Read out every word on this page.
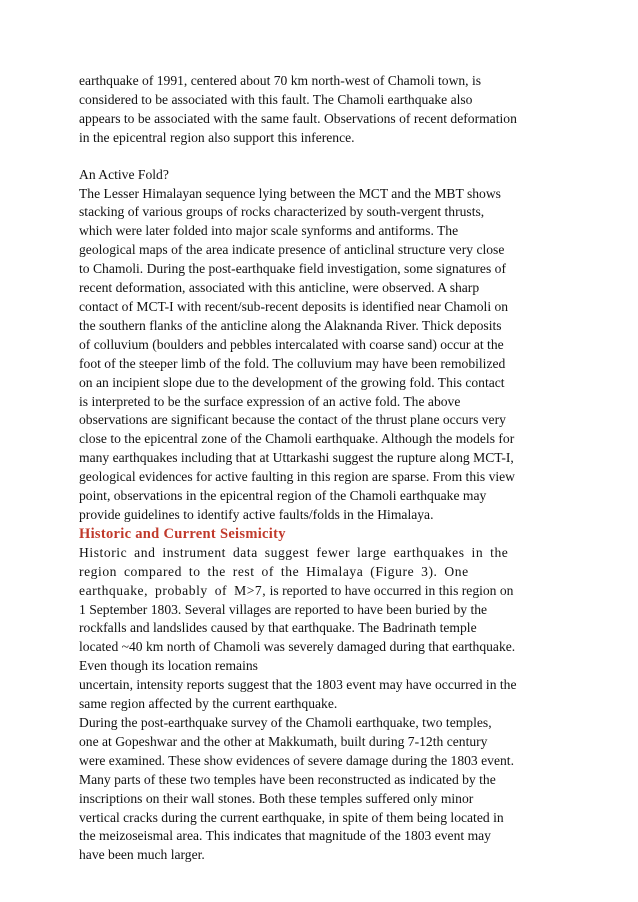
earthquake of 1991, centered about 70 km north-west of Chamoli town, is
considered to be associated with this fault. The Chamoli earthquake also
appears to be associated with the same fault. Observations of recent deformation
in the epicentral region also support this inference.

An Active Fold?
The Lesser Himalayan sequence lying between the MCT and the MBT shows
stacking of various groups of rocks characterized by south-vergent thrusts,
which were later folded into major scale synforms and antiforms. The
geological maps of the area indicate presence of anticlinal structure very close
to Chamoli. During the post-earthquake field investigation, some signatures of
recent deformation, associated with this anticline, were observed. A sharp
contact of MCT-I with recent/sub-recent deposits is identified near Chamoli on
the southern flanks of the anticline along the Alaknanda River. Thick deposits
of colluvium (boulders and pebbles intercalated with coarse sand) occur at the
foot of the steeper limb of the fold. The colluvium may have been remobilized
on an incipient slope due to the development of the growing fold. This contact
is interpreted to be the surface expression of an active fold. The above
observations are significant because the contact of the thrust plane occurs very
close to the epicentral zone of the Chamoli earthquake. Although the models for
many earthquakes including that at Uttarkashi suggest the rupture along MCT-I,
geological evidences for active faulting in this region are sparse. From this view
point, observations in the epicentral region of the Chamoli earthquake may
provide guidelines to identify active faults/folds in the Himalaya.

Historic and Current Seismicity

Historic and instrument data suggest fewer large earthquakes in the
region compared to the rest of the Himalaya (Figure 3). One
earthquake, probably of M>7, is reported to have occurred in this region on
1 September 1803. Several villages are reported to have been buried by the
rockfalls and landslides caused by that earthquake. The Badrinath temple
located ~40 km north of Chamoli was severely damaged during that earthquake.
Even though its location remains
uncertain, intensity reports suggest that the 1803 event may have occurred in the
same region affected by the current earthquake.
During the post-earthquake survey of the Chamoli earthquake, two temples,
one at Gopeshwar and the other at Makkumath, built during 7-12th century
were examined. These show evidences of severe damage during the 1803 event.
Many parts of these two temples have been reconstructed as indicated by the
inscriptions on their wall stones. Both these temples suffered only minor
vertical cracks during the current earthquake, in spite of them being located in
the meizoseismal area. This indicates that magnitude of the 1803 event may
have been much larger.
